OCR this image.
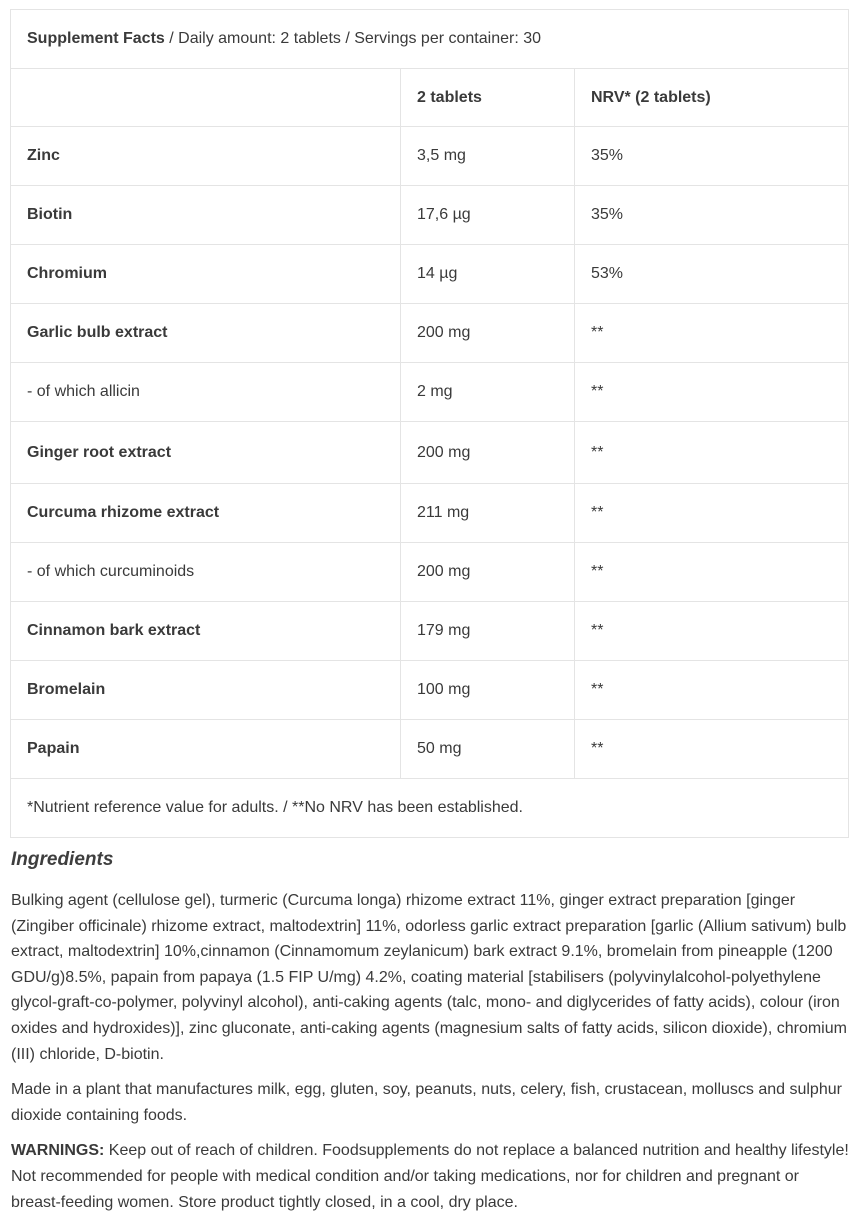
Supplement Facts / Daily amount: 2 tablets / Servings per container: 30		
	2 tablets	NRV* (2 tablets)
Zinc	3,5 mg	35%
Biotin	17,6 µg	35%
Chromium	14 µg	53%
Garlic bulb extract	200 mg	**
- of which allicin	2 mg	**
Ginger root extract	200 mg	**
Curcuma rhizome extract	211 mg	**
- of which curcuminoids	200 mg	**
Cinnamon bark extract	179 mg	**
Bromelain	100 mg	**
Papain	50 mg	**
*Nutrient reference value for adults. / **No NRV has been established.		
Ingredients

Bulking agent (cellulose gel), turmeric (Curcuma longa) rhizome extract 11%, ginger extract preparation [ginger (Zingiber officinale) rhizome extract, maltodextrin] 11%, odorless garlic extract preparation [garlic (Allium sativum) bulb extract, maltodextrin] 10%,cinnamon (Cinnamomum zeylanicum) bark extract 9.1%, bromelain from pineapple (1200 GDU/g)8.5%, papain from papaya (1.5 FIP U/mg) 4.2%, coating material [stabilisers (polyvinylalcohol-polyethylene glycol-graft-co-polymer, polyvinyl alcohol), anti-caking agents (talc, mono- and diglycerides of fatty acids), colour (iron oxides and hydroxides)], zinc gluconate, anti-caking agents (magnesium salts of fatty acids, silicon dioxide), chromium (III) chloride, D-biotin.

Made in a plant that manufactures milk, egg, gluten, soy, peanuts, nuts, celery, fish, crustacean, molluscs and sulphur dioxide containing foods.

WARNINGS: Keep out of reach of children. Foodsupplements do not replace a balanced nutrition and healthy lifestyle! Not recommended for people with medical condition and/or taking medications, nor for children and pregnant or breast-feeding women. Store product tightly closed, in a cool, dry place.
